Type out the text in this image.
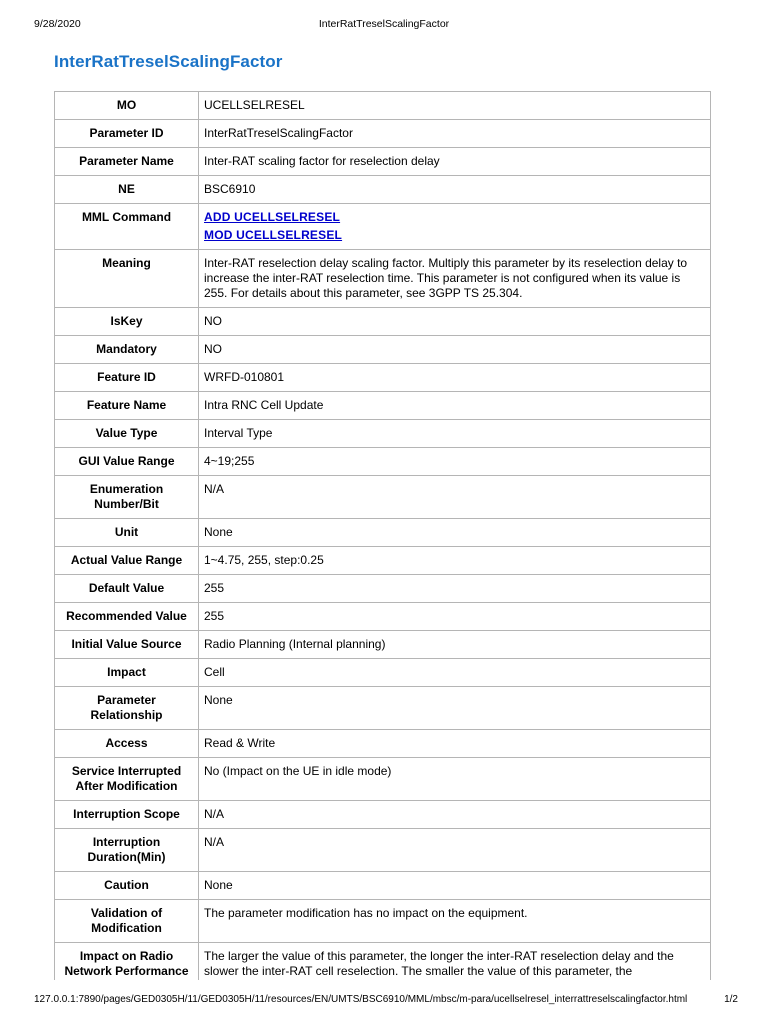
9/28/2020	InterRatTreselScalingFactor
InterRatTreselScalingFactor
MO	UCELLSELRESEL
Parameter ID	InterRatTreselScalingFactor
Parameter Name	Inter-RAT scaling factor for reselection delay
NE	BSC6910
MML Command	ADD UCELLSELRESEL
MOD UCELLSELRESEL

Meaning	Inter-RAT reselection delay scaling factor. Multiply this parameter by its reselection delay to increase the inter-RAT reselection time. This parameter is not configured when its value is 255. For details about this parameter, see 3GPP TS 25.304.
IsKey	NO
Mandatory	NO
Feature ID	WRFD-010801
Feature Name	Intra RNC Cell Update
Value Type	Interval Type
GUI Value Range	4~19;255
Enumeration Number/Bit	N/A
Unit	None
Actual Value Range	1~4.75, 255, step:0.25
Default Value	255
Recommended Value	255
Initial Value Source	Radio Planning (Internal planning)
Impact	Cell
Parameter Relationship	None
Access	Read & Write
Service Interrupted After Modification	No (Impact on the UE in idle mode)
Interruption Scope	N/A
Interruption Duration(Min)	N/A
Caution	None
Validation of Modification	The parameter modification has no impact on the equipment.
Impact on Radio Network Performance	The larger the value of this parameter, the longer the inter-RAT reselection delay and the slower the inter-RAT cell reselection. The smaller the value of this parameter, the
127.0.0.1:7890/pages/GED0305H/11/GED0305H/11/resources/EN/UMTS/BSC6910/MML/mbsc/m-para/ucellselresel_interrattreselscalingfactor.html	1/2
